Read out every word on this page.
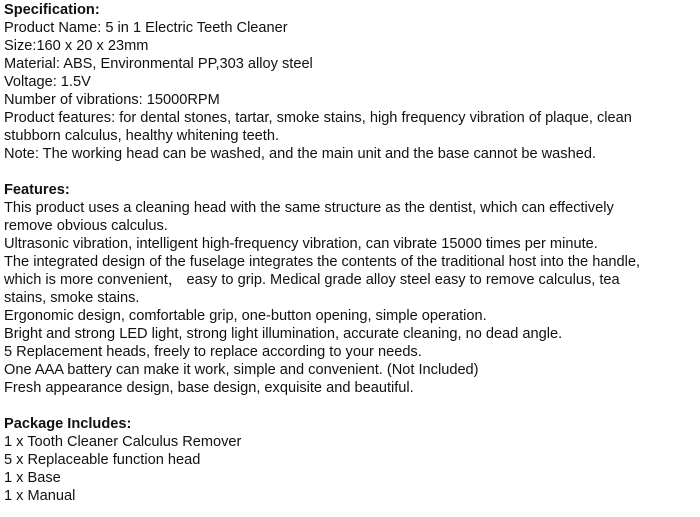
Specification:

Product Name: 5 in 1 Electric Teeth Cleaner

Size:160 x 20 x 23mm

Material: ABS, Environmental PP,303 alloy steel

Voltage: 1.5V

Number of vibrations: 15000RPM

Product features: for dental stones, tartar, smoke stains, high frequency vibration of plaque, clean

stubborn calculus, healthy whitening teeth.

Note: The working head can be washed, and the main unit and the base cannot be washed.

Features:

This product uses a cleaning head with the same structure as the dentist, which can effectively

remove obvious calculus.

Ultrasonic vibration, intelligent high-frequency vibration, can vibrate 15000 times per minute.

The integrated design of the fuselage integrates the contents of the traditional host into the handle,

which is more convenient， easy to grip. Medical grade alloy steel easy to remove calculus, tea

stains, smoke stains.

Ergonomic design, comfortable grip, one-button opening, simple operation.

Bright and strong LED light, strong light illumination, accurate cleaning, no dead angle.

5 Replacement heads, freely to replace according to your needs.

One AAA battery can make it work, simple and convenient. (Not Included)

Fresh appearance design, base design, exquisite and beautiful.

Package Includes:

1 x Tooth Cleaner Calculus Remover

5 x Replaceable function head

1 x Base

1 x Manual
